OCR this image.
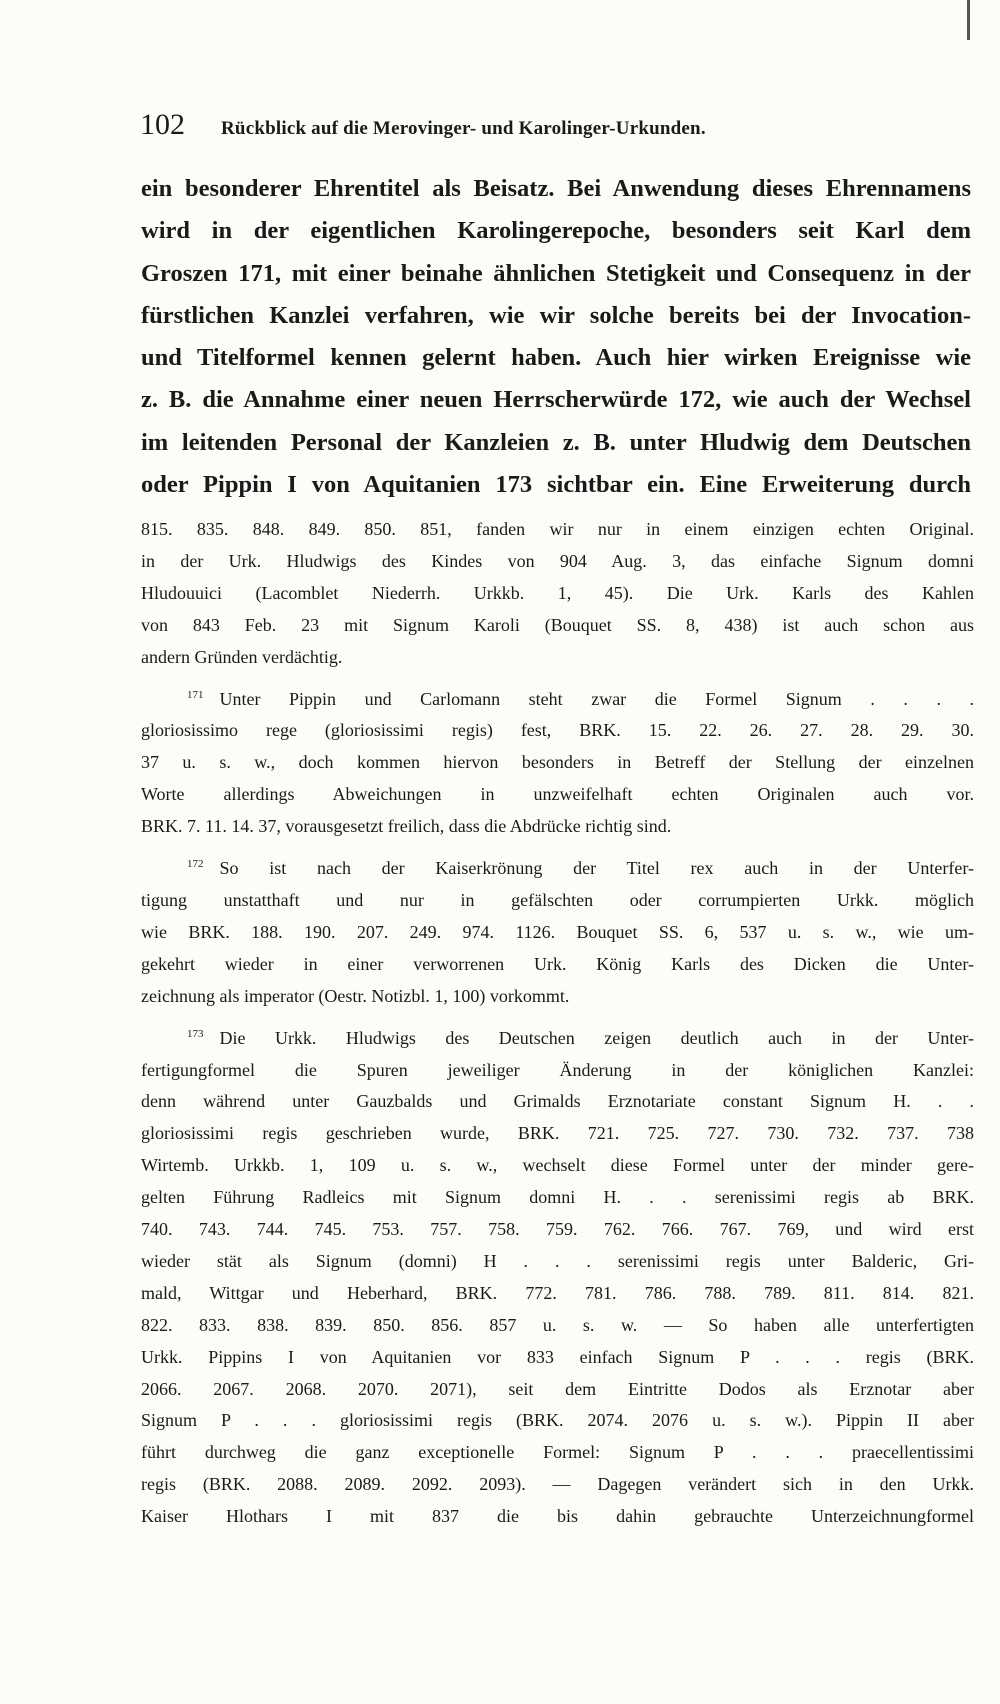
102 Rückblick auf die Merovinger- und Karolinger-Urkunden.
ein besonderer Ehrentitel als Beisatz. Bei Anwendung dieses Ehrennamens
wird in der eigentlichen Karolingerepoche, besonders seit Karl dem
Groszen 171, mit einer beinahe ähnlichen Stetigkeit und Consequenz in der
fürstlichen Kanzlei verfahren, wie wir solche bereits bei der Invocation-
und Titelformel kennen gelernt haben. Auch hier wirken Ereignisse wie
z. B. die Annahme einer neuen Herrscherwürde 172, wie auch der Wechsel
im leitenden Personal der Kanzleien z. B. unter Hludwig dem Deutschen
oder Pippin I von Aquitanien 173 sichtbar ein. Eine Erweiterung durch
815. 835. 848. 849. 850. 851, fanden wir nur in einem einzigen echten Original.
in der Urk. Hludwigs des Kindes von 904 Aug. 3, das einfache Signum domni
Hludouuici (Lacomblet Niederrh. Urkkb. 1, 45). Die Urk. Karls des Kahlen
von 843 Feb. 23 mit Signum Karoli (Bouquet SS. 8, 438) ist auch schon aus
andern Gründen verdächtig.
$^{171}$ Unter Pippin und Carlomann steht zwar die Formel Signum . . . .
gloriosissimo rege (gloriosissimi regis) fest, BRK. 15. 22. 26. 27. 28. 29. 30.
37 u. s. w., doch kommen hiervon besonders in Betreff der Stellung der einzelnen
Worte allerdings Abweichungen in unzweifelhaft echten Originalen auch vor.
BRK. 7. 11. 14. 37, vorausgesetzt freilich, dass die Abdrücke richtig sind.
$^{172}$ So ist nach der Kaiserkrönung der Titel rex auch in der Unterfer-
tigung unstatthaft und nur in gefälschten oder corrumpierten Urkk. möglich
wie BRK. 188. 190. 207. 249. 974. 1126. Bouquet SS. 6, 537 u. s. w., wie um-
gekehrt wieder in einer verworrenen Urk. König Karls des Dicken die Unter-
zeichnung als imperator (Oestr. Notizbl. 1, 100) vorkommt.
$^{173}$ Die Urkk. Hludwigs des Deutschen zeigen deutlich auch in der Unter-
fertigungformel die Spuren jeweiliger Änderung in der königlichen Kanzlei:
denn während unter Gauzbalds und Grimalds Erznotariate constant Signum H. . .
gloriosissimi regis geschrieben wurde, BRK. 721. 725. 727. 730. 732. 737. 738
Wirtemb. Urkkb. 1, 109 u. s. w., wechselt diese Formel unter der minder gere-
gelten Führung Radleics mit Signum domni H. . . serenissimi regis ab BRK.
740. 743. 744. 745. 753. 757. 758. 759. 762. 766. 767. 769, und wird erst
wieder stät als Signum (domni) H . . . serenissimi regis unter Balderic, Gri-
mald, Wittgar und Heberhard, BRK. 772. 781. 786. 788. 789. 811. 814. 821.
822. 833. 838. 839. 850. 856. 857 u. s. w. — So haben alle unterfertigten
Urkk. Pippins I von Aquitanien vor 833 einfach Signum P . . . regis (BRK.
2066. 2067. 2068. 2070. 2071), seit dem Eintritte Dodos als Erznotar aber
Signum P . . . gloriosissimi regis (BRK. 2074. 2076 u. s. w.). Pippin II aber
führt durchweg die ganz exceptionelle Formel: Signum P . . . praecellentissimi
regis (BRK. 2088. 2089. 2092. 2093). — Dagegen verändert sich in den Urkk.
Kaiser Hlothars I mit 837 die bis dahin gebrauchte Unterzeichnungformel
